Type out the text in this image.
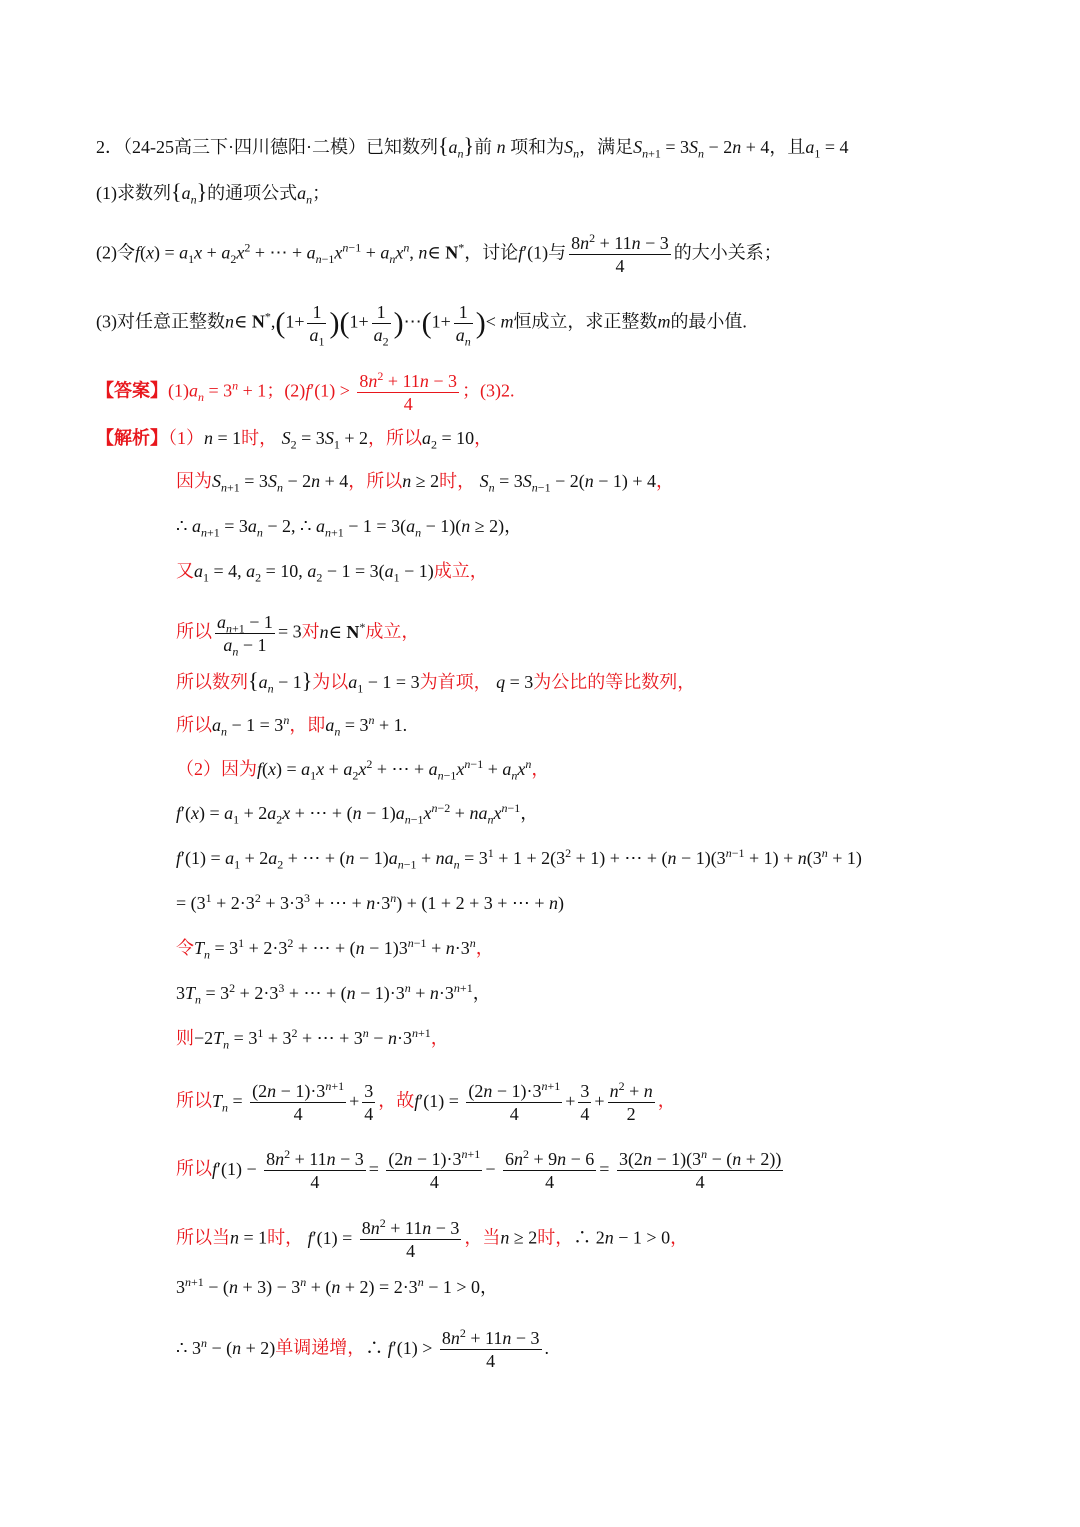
2．（24-25高三下·四川德阳·二模）已知数列$\{a_n\}$前 n 项和为$S_n$，满足$S_{n+1} = 3S_n - 2n + 4$，且$a_1 = 4$
(1)求数列$\{a_n\}$的通项公式$a_n$；
(2)令$f(x) = a_1x + a_2x^2$ + ⋯ + $a_{n-1}x^{n-1} + a_nx^n$, n∈ N*，讨论f′(1)与 $\frac{8n^2 + 11n - 3}{4}$ 的大小关系；
(3)对任意正整数n∈ $N^*,(1+ \frac{1}{a_1} )(1+ \frac{1}{a_2}$ )⋯(1+ $\frac{1}{a_n}$ )< m恒成立，求正整数m的最小值.
【答案】$(1)a_n = 3^n + 1$；$(2)f'(1) > \frac{8n^2 + 11n - 3}{4}$ ；(3)2.
【解析】（1）n = 1时， $S_2 = 3S_1 + 2$，所以$a_2 = 10$，
因为$S_{n+1} = 3S_n - 2n + 4$，所以n ≥ 2时， $S_n = 3S_{n-1} - 2(n - 1) + 4$，
∴ $a_{n+1} = 3a_n - 2$, ∴ $a_{n+1} - 1 = 3(a_n - 1)(n \ge 2)$，
又$a_1 = 4$, $a_2 = 10$, $a_2 - 1 = 3(a_1 - 1)$成立，
所以 $\frac{a_{n+1} - 1}{a_n - 1} = 3$对n∈ N*成立，
所以数列$\{a_n - 1\}$为以$a_1 - 1 = 3$为首项， q = 3为公比的等比数列，
所以$a_n - 1 = 3^n$，即$a_n = 3^n + 1$.
（2）因为$f(x) = a_1x + a_2x^2$ + ⋯ + $a_{n-1}x^{n-1} + a_nx^n$，
$f'(x) = a_1 + 2a_2x$ + ⋯ + $(n - 1)a_{n-1}x^{n-2} + na_nx^{n-1}$，
$f'(1) = a_1 + 2a_2$ + ⋯ + $(n - 1)a_{n-1} + na_n = 3^1 + 1 + 2(3^2 + 1)$ + ⋯ + $(n - 1)(3^{n-1} + 1) + n(3^n + 1)$
= ($3^1 + 2\cdot 3^2 + 3\cdot 3^3$ + ⋯ + $n\cdot 3^n) + (1 + 2 + 3$ + ⋯ + n)
令$T_n = 3^1 + 2\cdot 3^2$ + ⋯ + $(n - 1)3^{n-1} + n\cdot 3^n$，
$3T_n = 3^2 + 2\cdot 3^3$ + ⋯ + $(n - 1)\cdot 3^n + n\cdot 3^{n+1}$，
则$-2T_n = 3^1 + 3^2$ + ⋯ + $3^n - n\cdot 3^{n+1}$，
所以$T_n = \frac{(2n - 1)\cdot 3^{n+1}}{4} + \frac{3}{4}$ ，故$f'(1) = \frac{(2n - 1)\cdot 3^{n+1}}{4} + \frac{3}{4} + \frac{n^2 + n}{2}$ ，
所以$f'(1) - \frac{8n^2 + 11n - 3}{4} = \frac{(2n - 1)\cdot 3^{n+1}}{4} - \frac{6n^2 + 9n - 6}{4} = \frac{3(2n - 1)(3^n - (n + 2))}{4}$
所以当n = 1时， $f'(1) = \frac{8n^2 + 11n - 3}{4}$ ，当n ≥ 2时，∴ 2n − 1 > 0，
$3^{n+1} - (n + 3) - 3^n + (n + 2) = 2\cdot 3^n - 1 > 0$，
∴ $3^n - (n + 2)$单调递增，∴ $f'(1) > \frac{8n^2 + 11n - 3}{4}$ .
